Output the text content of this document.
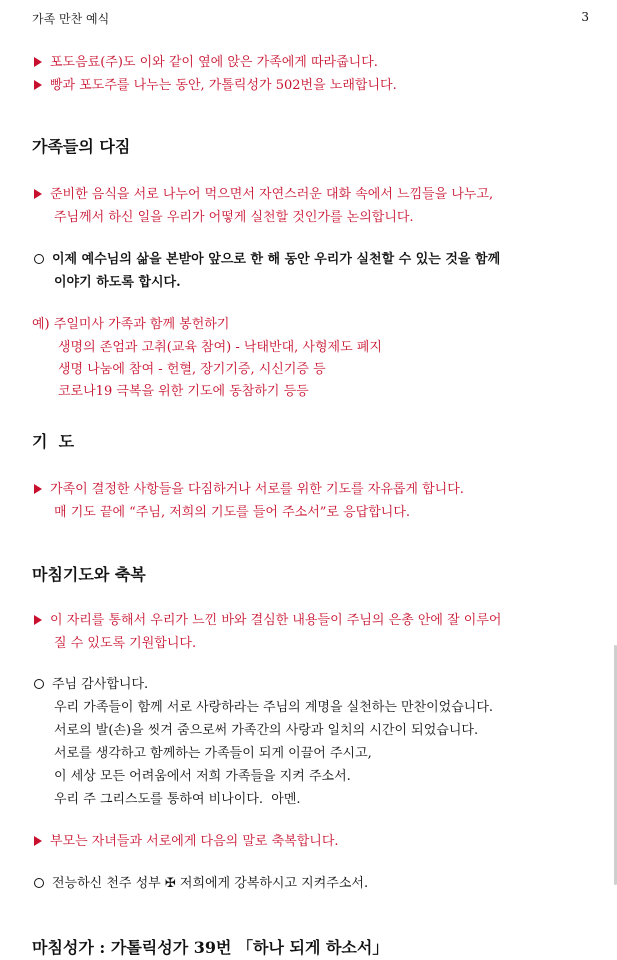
가족 만찬 예식	3
포도음료(주)도 이와 같이 옆에 앉은 가족에게 따라줍니다.
빵과 포도주를 나누는 동안, 가톨릭성가 502번을 노래합니다.
가족들의 다짐
준비한 음식을 서로 나누어 먹으면서 자연스러운 대화 속에서 느낌들을 나누고,
주님께서 하신 일을 우리가 어떻게 실천할 것인가를 논의합니다.
이제 예수님의 삶을 본받아 앞으로 한 해 동안 우리가 실천할 수 있는 것을 함께
이야기 하도록 합시다.
예) 주일미사 가족과 함께 봉헌하기
생명의 존엄과 고취(교육 참여) - 낙태반대, 사형제도 폐지
생명 나눔에 참여 - 헌혈, 장기기증, 시신기증 등
코로나19 극복을 위한 기도에 동참하기 등등
기  도
가족이 결정한 사항들을 다짐하거나 서로를 위한 기도를 자유롭게 합니다.
매 기도 끝에 “주님, 저희의 기도를 들어 주소서”로 응답합니다.
마침기도와 축복
이 자리를 통해서 우리가 느낀 바와 결심한 내용들이 주님의 은총 안에 잘 이루어
질 수 있도록 기원합니다.
주님 감사합니다.
우리 가족들이 함께 서로 사랑하라는 주님의 계명을 실천하는 만찬이었습니다.
서로의 발(손)을 씻겨 줌으로써 가족간의 사랑과 일치의 시간이 되었습니다.
서로를 생각하고 함께하는 가족들이 되게 이끌어 주시고,
이 세상 모든 어려움에서 저희 가족들을 지켜 주소서.
우리 주 그리스도를 통하여 비나이다.  아멘.
부모는 자녀들과 서로에게 다음의 말로 축복합니다.
전능하신 천주 성부 ✠ 저희에게 강복하시고 지켜주소서.
마침성가 : 가톨릭성가 39번 「하나 되게 하소서」
